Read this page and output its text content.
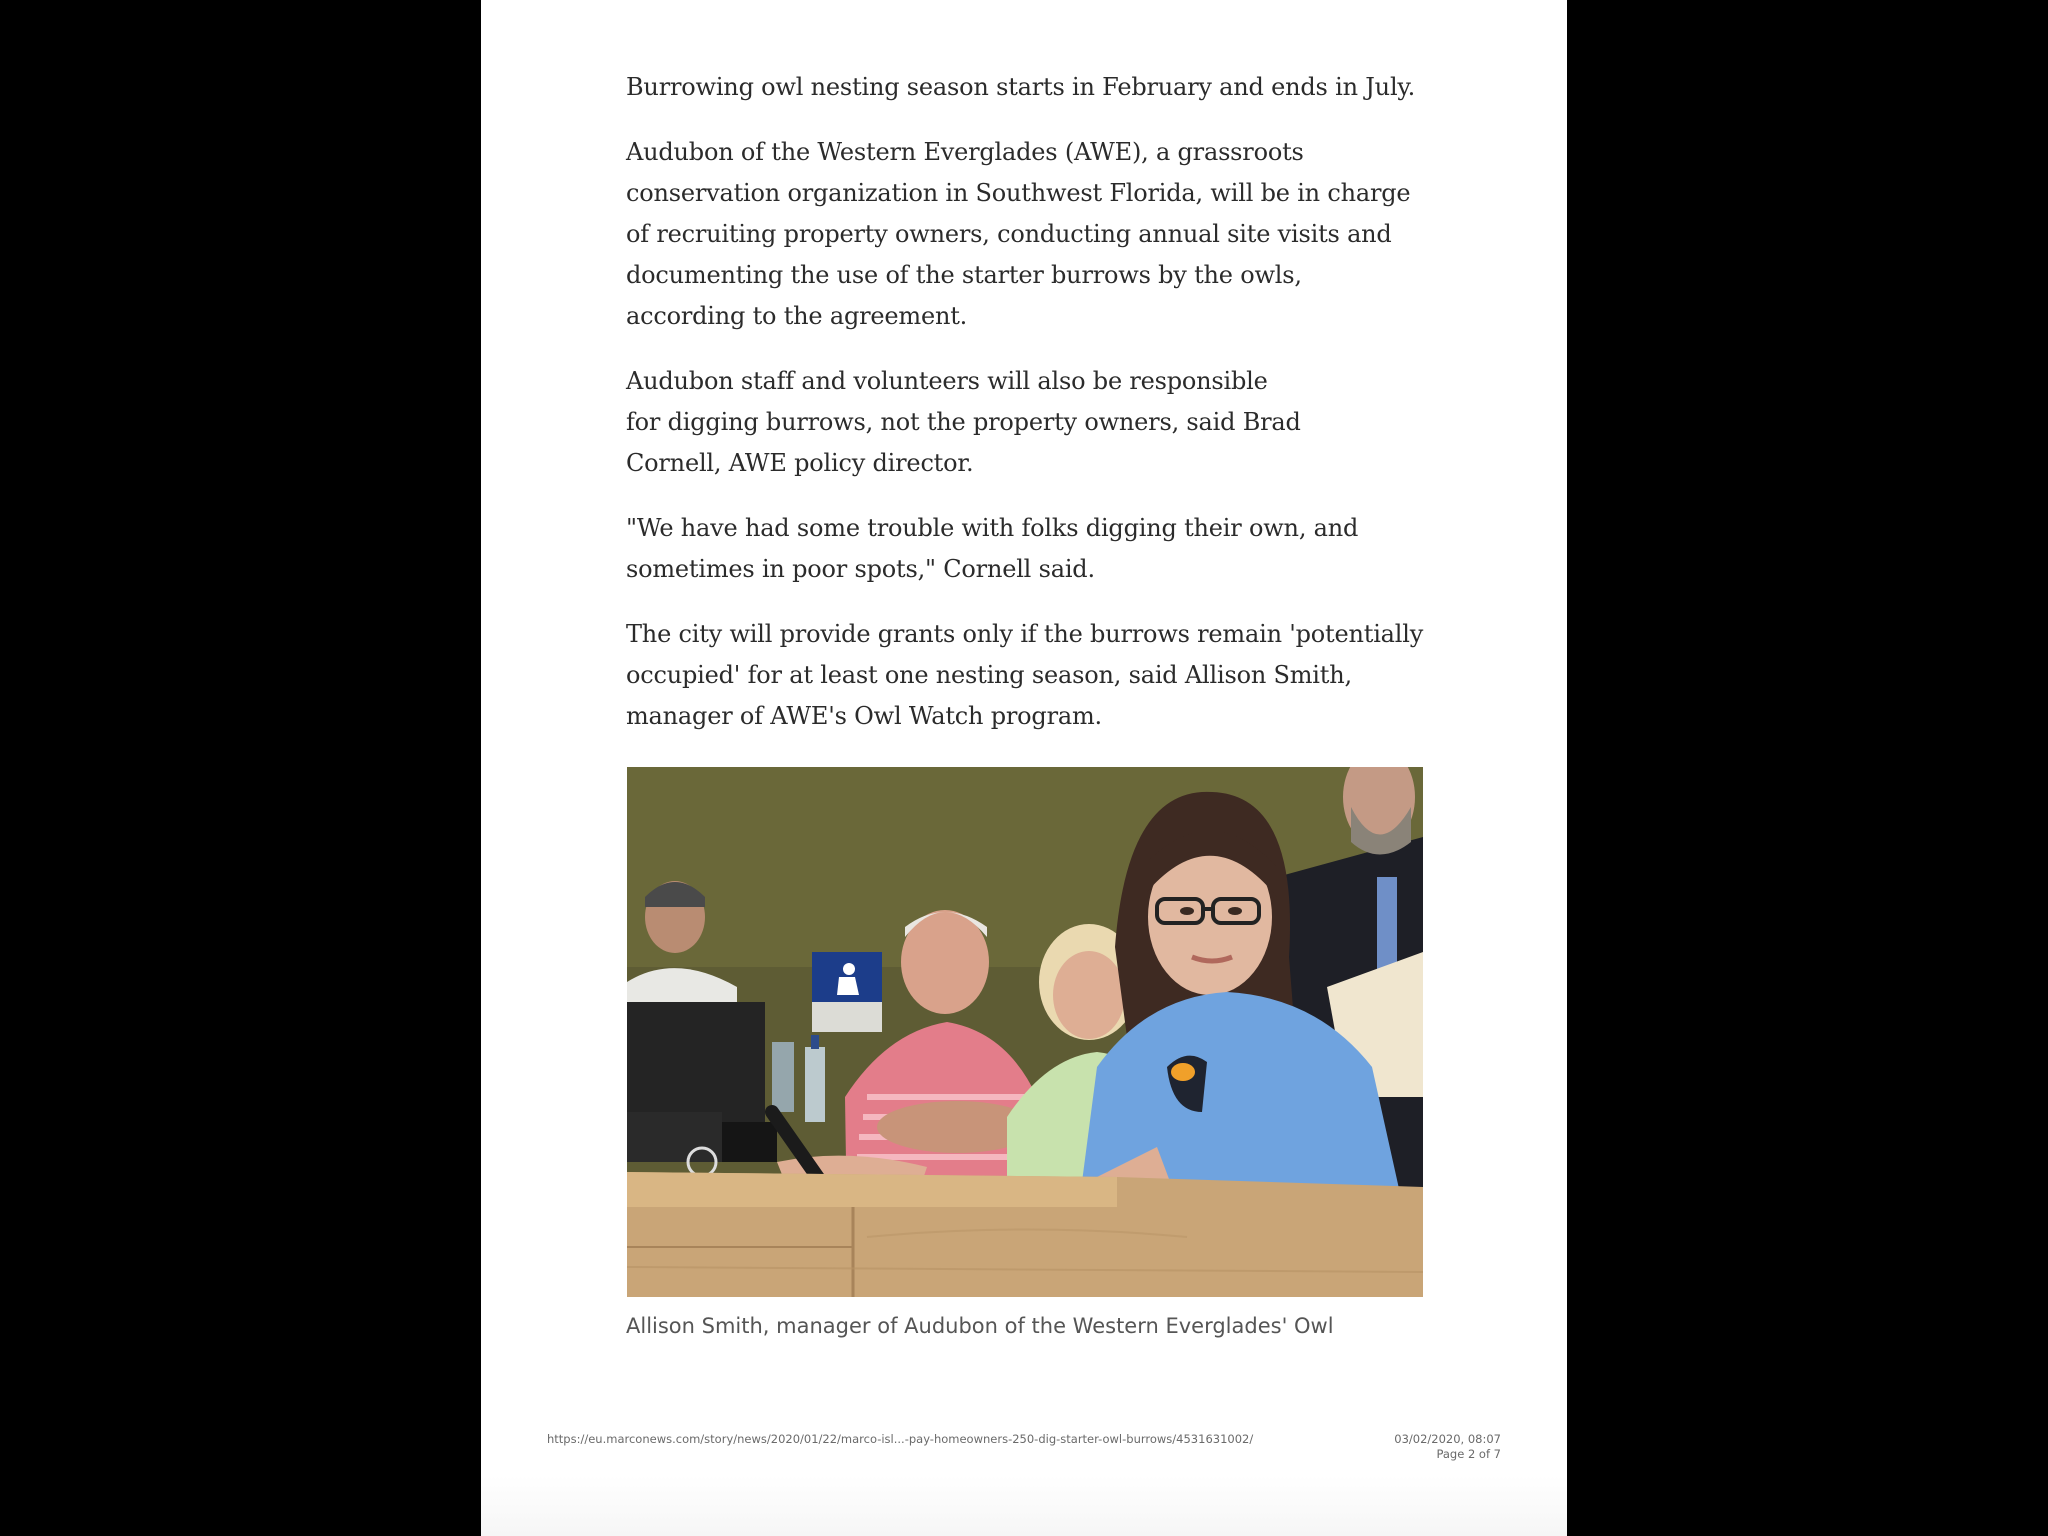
Burrowing owl nesting season starts in February and ends in July.

Audubon of the Western Everglades (AWE), a grassroots conservation organization in Southwest Florida, will be in charge of recruiting property owners, conducting annual site visits and documenting the use of the starter burrows by the owls, according to the agreement.

Audubon staff and volunteers will also be responsible
for digging burrows, not the property owners, said Brad
Cornell, AWE policy director.

"We have had some trouble with folks digging their own, and sometimes in poor spots," Cornell said.

The city will provide grants only if the burrows remain 'potentially occupied' for at least one nesting season, said Allison Smith, manager of AWE's Owl Watch program.

Allison Smith, manager of Audubon of the Western Everglades' Owl
https://eu.marconews.com/story/news/2020/01/22/marco-isl...-pay-homeowners-250-dig-starter-owl-burrows/4531631002/	03/02/2020, 08:07
Page 2 of 7
